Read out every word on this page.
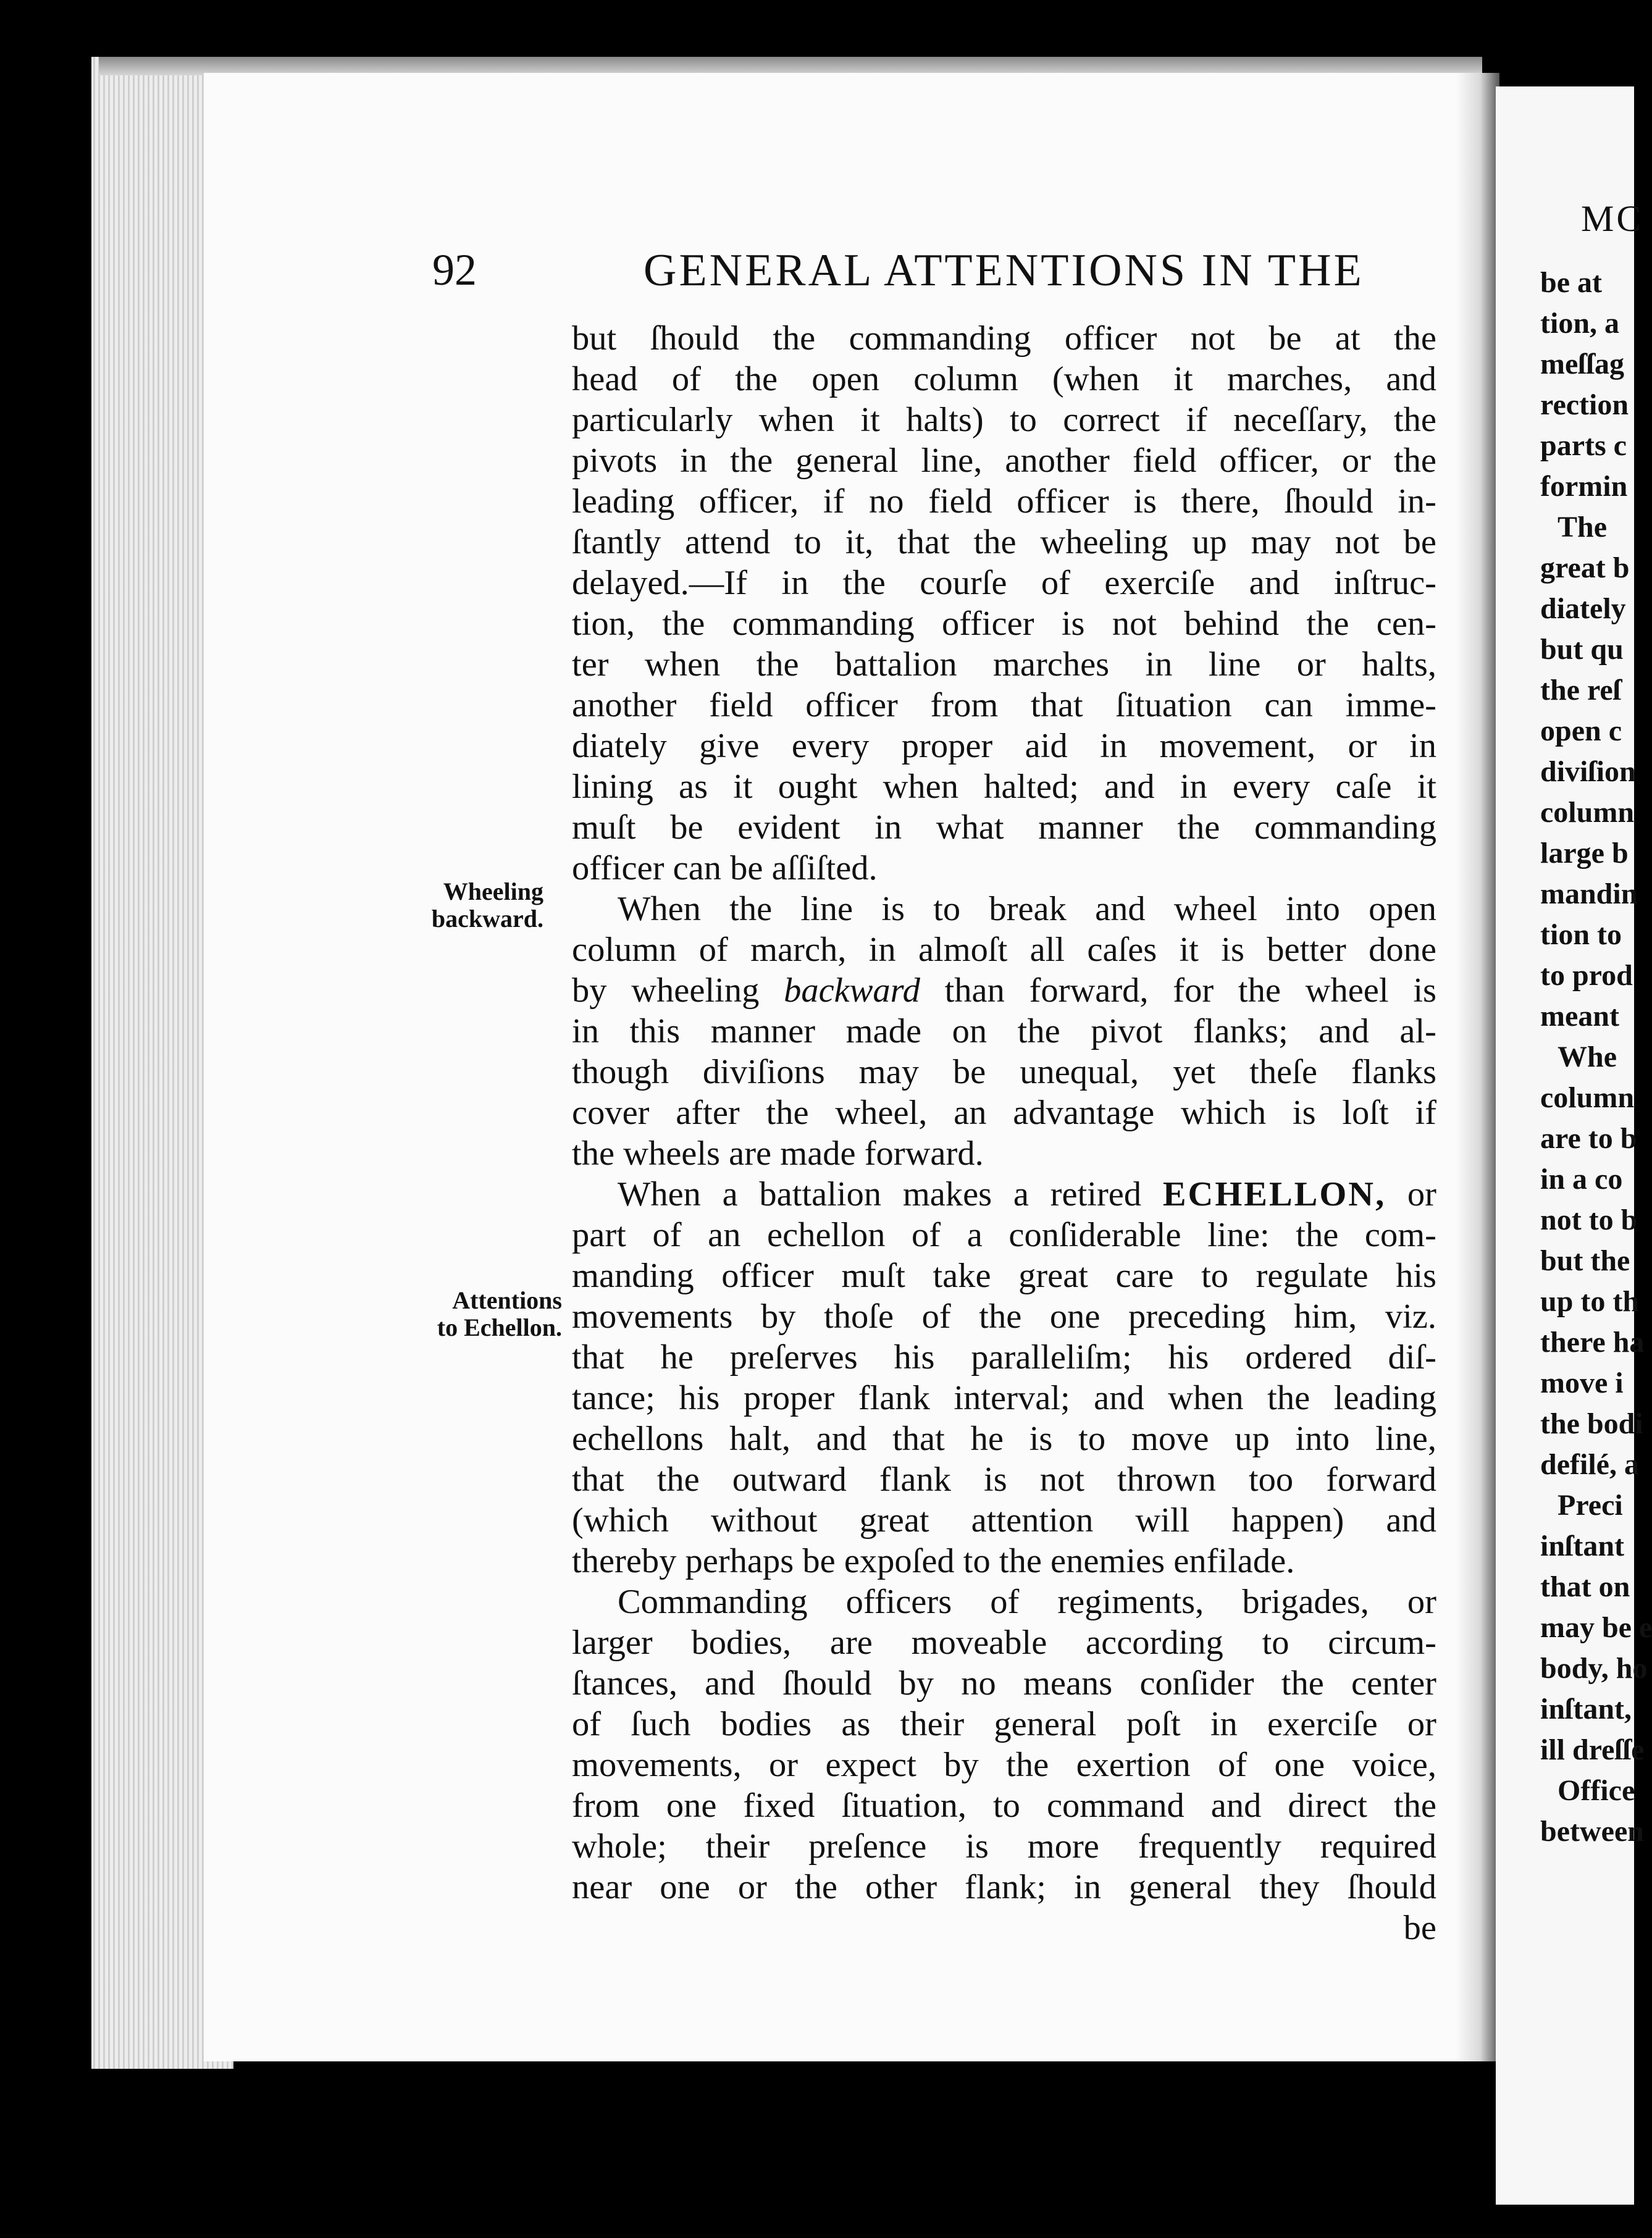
92	GENERAL ATTENTIONS IN THE
Wheeling
backward.
Attentions
to Echellon.
but ſhould the commanding officer not be at the
head of the open column (when it marches, and
particularly when it halts) to correct if neceſſary, the
pivots in the general line, another field officer, or the
leading officer, if no field officer is there, ſhould in-
ſtantly attend to it, that the wheeling up may not be
delayed.—If in the courſe of exerciſe and inſtruc-
tion, the commanding officer is not behind the cen-
ter when the battalion marches in line or halts,
another field officer from that ſituation can imme-
diately give every proper aid in movement, or in
lining as it ought when halted; and in every caſe it
muſt be evident in what manner the commanding
officer can be aſſiſted.
When the line is to break and wheel into open
column of march, in almoſt all caſes it is better done
by wheeling backward than forward, for the wheel is
in this manner made on the pivot flanks; and al-
though diviſions may be unequal, yet theſe flanks
cover after the wheel, an advantage which is loſt if
the wheels are made forward.
When a battalion makes a retired ECHELLON, or
part of an echellon of a conſiderable line: the com-
manding officer muſt take great care to regulate his
movements by thoſe of the one preceding him, viz.
that he preſerves his paralleliſm; his ordered diſ-
tance; his proper flank interval; and when the leading
echellons halt, and that he is to move up into line,
that the outward flank is not thrown too forward
(which without great attention will happen) and
thereby perhaps be expoſed to the enemies enfilade.
Commanding officers of regiments, brigades, or
larger bodies, are moveable according to circum-
ſtances, and ſhould by no means conſider the center
of ſuch bodies as their general poſt in exerciſe or
movements, or expect by the exertion of one voice,
from one fixed ſituation, to command and direct the
whole; their preſence is more frequently required
near one or the other flank; in general they ſhould
be
MC
be at
tion, a
meſſag
rection
parts c
formin
The
great b
diately
but qu
the reſ
open c
diviſion
column
large b
mandin
tion to
to prod
meant
Whe
column
are to b
in a co
not to b
but the
up to th
there ha
move i
the bodi
defilé, a
Preci
inſtant
that on
may be e
body, ho
inſtant,
ill dreſſe
Office
between
